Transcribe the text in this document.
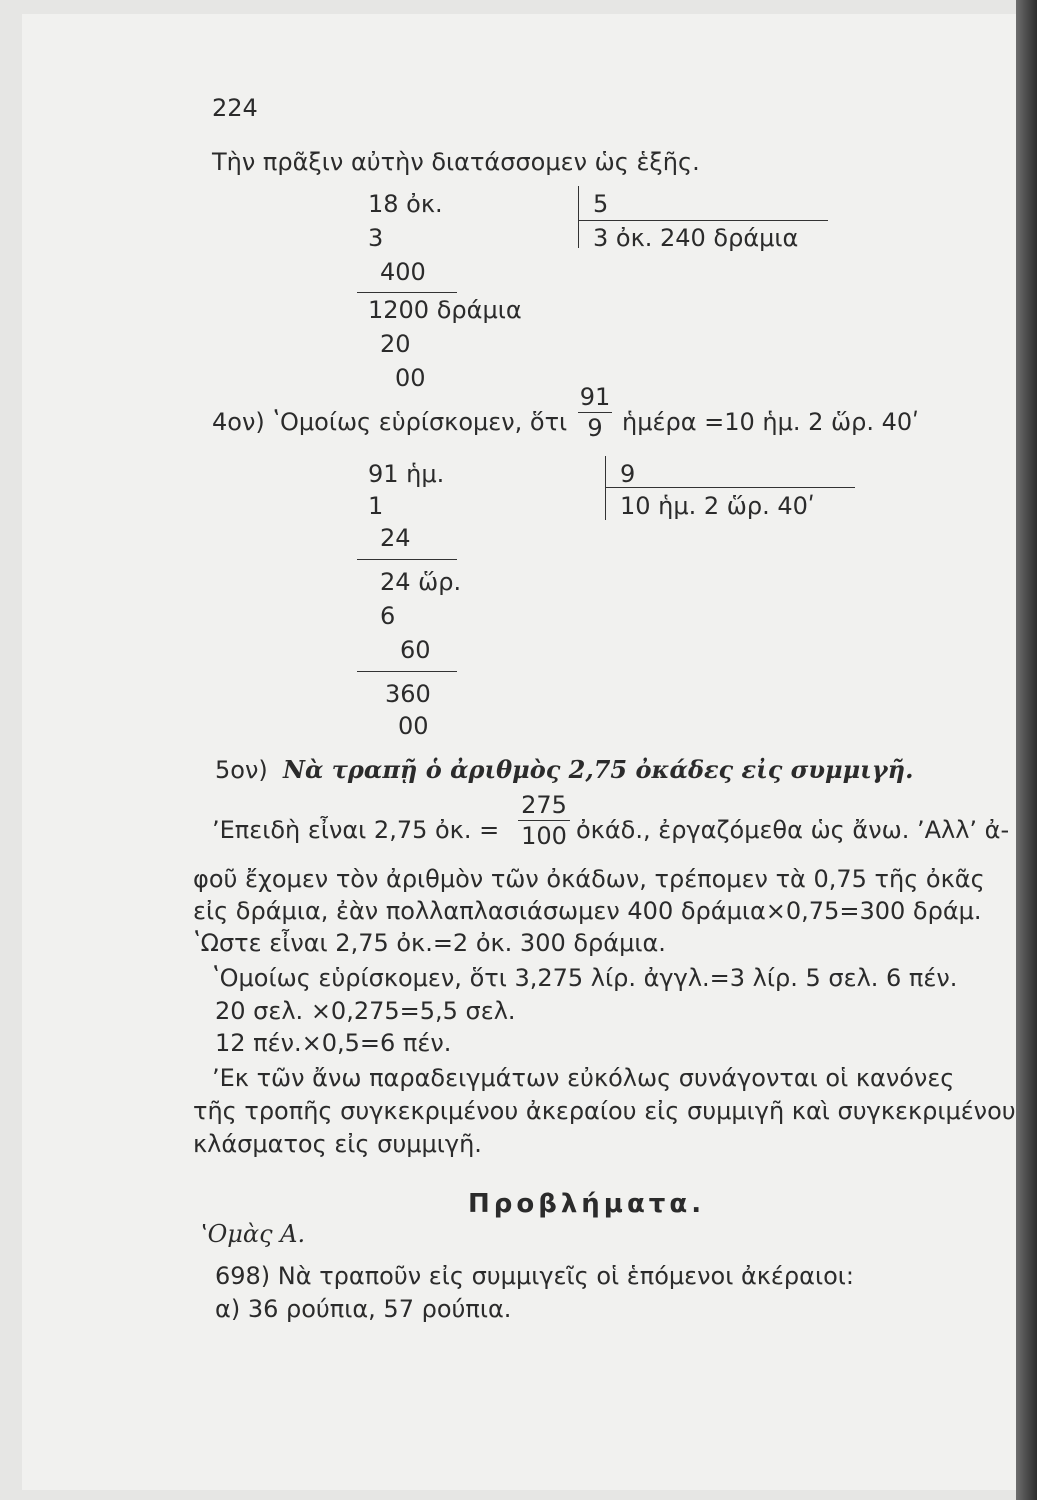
224
Τὴν πρᾶξιν αὐτὴν διατάσσομεν ὡς ἑξῆς.
18 ὀκ.
3
400
1200 δράμια
20
00
5
3 ὀκ. 240 δράμια
4ον) ʽΟμοίως εὑρίσκομεν, ὅτι
91
9 ἡμέρα =10 ἡμ. 2 ὥρ. 40ʹ
91 ἡμ.
1
24
24 ὥρ.
6
60
360
00
9
10 ἡμ. 2 ὥρ. 40ʹ
5ον) Νὰ τραπῇ ὁ ἀριθμὸς 2,75 ὀκάδες εἰς συμμιγῆ.
ʼΕπειδὴ εἶναι 2,75 ὀκ. =
275
100 ὀκάδ., ἐργαζόμεθα ὡς ἄνω. ʼΑλλʼ ἀ-
φοῦ ἔχομεν τὸν ἀριθμὸν τῶν ὀκάδων, τρέπομεν τὰ 0,75 τῆς ὀκᾶς
εἰς δράμια, ἐὰν πολλαπλασιάσωμεν 400 δράμια×0,75=300 δράμ.
ʽΩστε εἶναι 2,75 ὀκ.=2 ὀκ. 300 δράμια.
ʽΟμοίως εὑρίσκομεν, ὅτι 3,275 λίρ. ἀγγλ.=3 λίρ. 5 σελ. 6 πέν.
20 σελ. ×0,275=5,5 σελ.
12 πέν.×0,5=6 πέν.
ʼΕκ τῶν ἄνω παραδειγμάτων εὐκόλως συνάγονται οἱ κανόνες
τῆς τροπῆς συγκεκριμένου ἀκεραίου εἰς συμμιγῆ καὶ συγκεκριμένου
κλάσματος εἰς συμμιγῆ.
Προβλήματα.
ʽΟμὰς Α.
698) Νὰ τραποῦν εἰς συμμιγεῖς οἱ ἑπόμενοι ἀκέραιοι:
α) 36 ρούπια, 57 ρούπια.
